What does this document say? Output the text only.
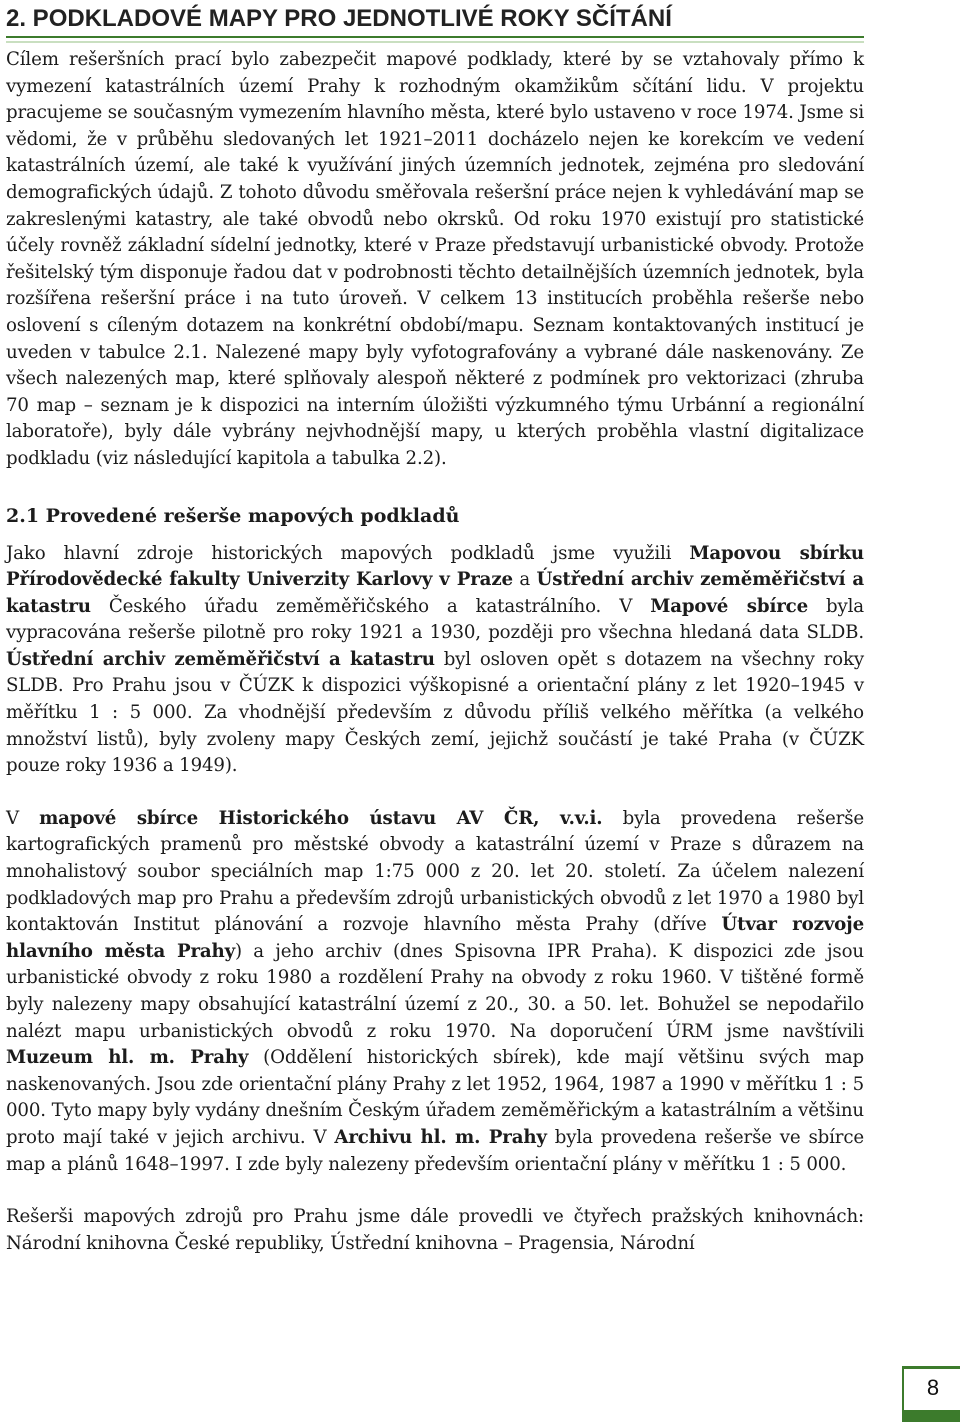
2. PODKLADOVÉ MAPY PRO JEDNOTLIVÉ ROKY SČÍTÁNÍ

Cílem rešeršních prací bylo zabezpečit mapové podklady, které by se vztahovaly přímo k vymezení katastrálních území Prahy k rozhodným okamžikům sčítání lidu. V projektu pracujeme se současným vymezením hlavního města, které bylo ustaveno v roce 1974. Jsme si vědomi, že v průběhu sledovaných let 1921–2011 docházelo nejen ke korekcím ve vedení katastrálních území, ale také k využívání jiných územních jednotek, zejména pro sledování demografických údajů. Z tohoto důvodu směřovala rešeršní práce nejen k vyhledávání map se zakreslenými katastry, ale také obvodů nebo okrsků. Od roku 1970 existují pro statistické účely rovněž základní sídelní jednotky, které v Praze představují urbanistické obvody. Protože řešitelský tým disponuje řadou dat v podrobnosti těchto detailnějších územních jednotek, byla rozšířena rešeršní práce i na tuto úroveň. V celkem 13 institucích proběhla rešerše nebo oslovení s cíleným dotazem na konkrétní období/mapu. Seznam kontaktovaných institucí je uveden v tabulce 2.1. Nalezené mapy byly vyfotografovány a vybrané dále naskenovány. Ze všech nalezených map, které splňovaly alespoň některé z podmínek pro vektorizaci (zhruba 70 map – seznam je k dispozici na interním úložišti výzkumného týmu Urbánní a regionální laboratoře), byly dále vybrány nejvhodnější mapy, u kterých proběhla vlastní digitalizace podkladu (viz následující kapitola a tabulka 2.2).

2.1 Provedené rešerše mapových podkladů

Jako hlavní zdroje historických mapových podkladů jsme využili Mapovou sbírku Přírodovědecké fakulty Univerzity Karlovy v Praze a Ústřední archiv zeměměřičství a katastru Českého úřadu zeměměřičského a katastrálního. V Mapové sbírce byla vypracována rešerše pilotně pro roky 1921 a 1930, později pro všechna hledaná data SLDB. Ústřední archiv zeměměřičství a katastru byl osloven opět s dotazem na všechny roky SLDB. Pro Prahu jsou v ČÚZK k dispozici výškopisné a orientační plány z let 1920–1945 v měřítku 1 : 5 000. Za vhodnější především z důvodu příliš velkého měřítka (a velkého množství listů), byly zvoleny mapy Českých zemí, jejichž součástí je také Praha (v ČÚZK pouze roky 1936 a 1949).

V mapové sbírce Historického ústavu AV ČR, v.v.i. byla provedena rešerše kartografických pramenů pro městské obvody a katastrální území v Praze s důrazem na mnohalistový soubor speciálních map 1:75 000 z 20. let 20. století. Za účelem nalezení podkladových map pro Prahu a především zdrojů urbanistických obvodů z let 1970 a 1980 byl kontaktován Institut plánování a rozvoje hlavního města Prahy (dříve Útvar rozvoje hlavního města Prahy) a jeho archiv (dnes Spisovna IPR Praha). K dispozici zde jsou urbanistické obvody z roku 1980 a rozdělení Prahy na obvody z roku 1960. V tištěné formě byly nalezeny mapy obsahující katastrální území z 20., 30. a 50. let. Bohužel se nepodařilo nalézt mapu urbanistických obvodů z roku 1970. Na doporučení ÚRM jsme navštívili Muzeum hl. m. Prahy (Oddělení historických sbírek), kde mají většinu svých map naskenovaných. Jsou zde orientační plány Prahy z let 1952, 1964, 1987 a 1990 v měřítku 1 : 5 000. Tyto mapy byly vydány dnešním Českým úřadem zeměměřickým a katastrálním a většinu proto mají také v jejich archivu. V Archivu hl. m. Prahy byla provedena rešerše ve sbírce map a plánů 1648–1997. I zde byly nalezeny především orientační plány v měřítku 1 : 5 000.

Rešerši mapových zdrojů pro Prahu jsme dále provedli ve čtyřech pražských knihovnách: Národní knihovna České republiky, Ústřední knihovna – Pragensia, Národní

8
